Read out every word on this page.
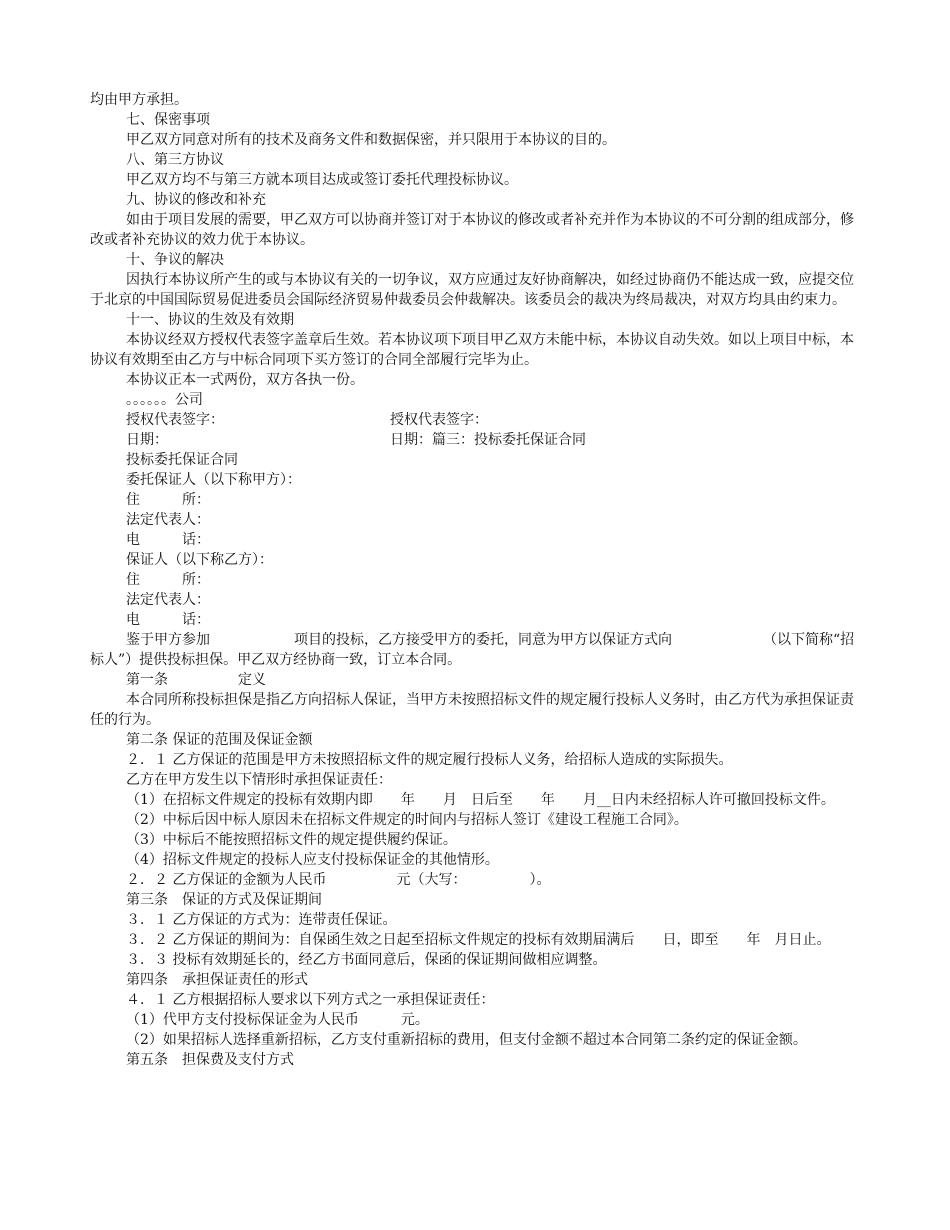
均由甲方承担。

七、保密事项

甲乙双方同意对所有的技术及商务文件和数据保密，并只限用于本协议的目的。

八、第三方协议

甲乙双方均不与第三方就本项目达成或签订委托代理投标协议。

九、协议的修改和补充

如由于项目发展的需要，甲乙双方可以协商并签订对于本协议的修改或者补充并作为本协议的不可分割的组成部分，修改或者补充协议的效力优于本协议。

十、争议的解决

因执行本协议所产生的或与本协议有关的一切争议，双方应通过友好协商解决，如经过协商仍不能达成一致，应提交位于北京的中国国际贸易促进委员会国际经济贸易仲裁委员会仲裁解决。该委员会的裁决为终局裁决，对双方均具由约束力。

十一、协议的生效及有效期

本协议经双方授权代表签字盖章后生效。若本协议项下项目甲乙双方未能中标，本协议自动失效。如以上项目中标，本协议有效期至由乙方与中标合同项下买方签订的合同全部履行完毕为止。

本协议正本一式两份，双方各执一份。

。。。。。。公司

授权代表签字：	授权代表签字：
日期：	日期：篇三：投标委托保证合同

投标委托保证合同

委托保证人（以下称甲方）：

住　　　所：

法定代表人：

电　　　话：

保证人（以下称乙方）：

住　　　所：

法定代表人：

电　　　话：

鉴于甲方参加　　　　　　项目的投标，乙方接受甲方的委托，同意为甲方以保证方式向　　　　　　　（以下简称“招标人”）提供投标担保。甲乙双方经协商一致，订立本合同。

第一条　　　　　定义

本合同所称投标担保是指乙方向招标人保证，当甲方未按照招标文件的规定履行投标人义务时，由乙方代为承担保证责任的行为。

第二条 保证的范围及保证金额

２．１ 乙方保证的范围是甲方未按照招标文件的规定履行投标人义务，给招标人造成的实际损失。

乙方在甲方发生以下情形时承担保证责任：

（1）在招标文件规定的投标有效期内即　　年　　月　日后至　　年　　月__日内未经招标人许可撤回投标文件。

（2）中标后因中标人原因未在招标文件规定的时间内与招标人签订《建设工程施工合同》。

（3）中标后不能按照招标文件的规定提供履约保证。

（4）招标文件规定的投标人应支付投标保证金的其他情形。

２．２ 乙方保证的金额为人民币　　　　　元（大写：　　　　　）。

第三条　保证的方式及保证期间

３．１ 乙方保证的方式为：连带责任保证。

３．２ 乙方保证的期间为：自保函生效之日起至招标文件规定的投标有效期届满后　　日，即至　　年　月日止。

３．３ 投标有效期延长的，经乙方书面同意后，保函的保证期间做相应调整。

第四条　承担保证责任的形式

４．１ 乙方根据招标人要求以下列方式之一承担保证责任：

（1）代甲方支付投标保证金为人民币　　　元。

（2）如果招标人选择重新招标，乙方支付重新招标的费用，但支付金额不超过本合同第二条约定的保证金额。

第五条　担保费及支付方式
